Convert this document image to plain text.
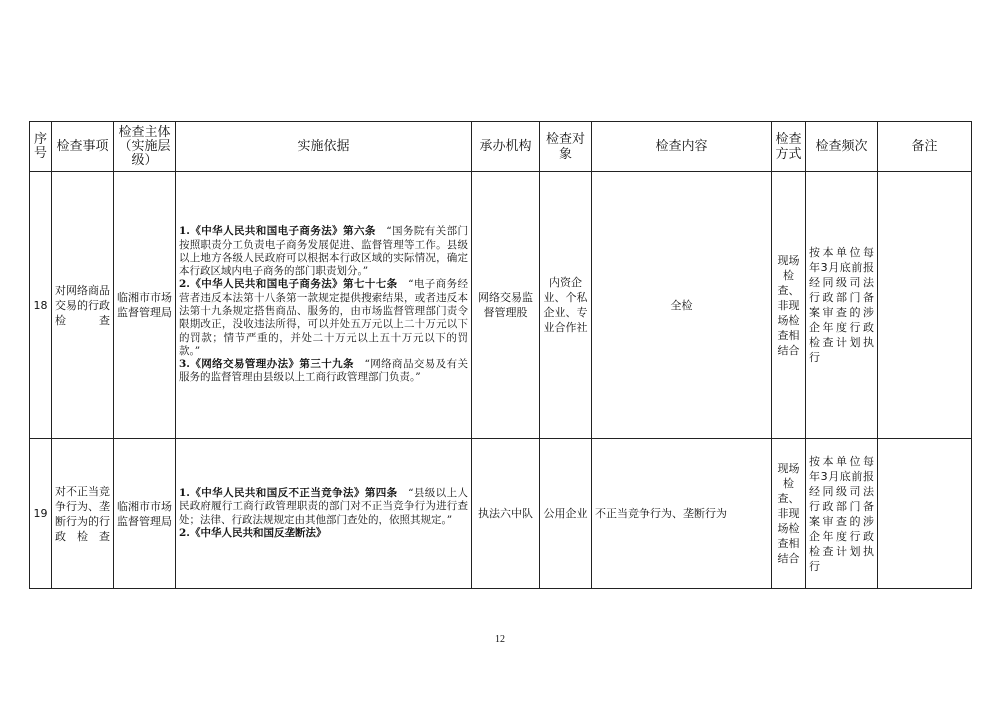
序号	检查事项	检查主体（实施层级）	实施依据	承办机构	检查对象	检查内容	检查方式	检查频次	备注
18	对网络商品交易的行政检查	临湘市市场监督管理局	1.《中华人民共和国电子商务法》第六条  “国务院有关部门按照职责分工负责电子商务发展促进、监督管理等工作。县级以上地方各级人民政府可以根据本行政区域的实际情况，确定本行政区域内电子商务的部门职责划分。”
2.《中华人民共和国电子商务法》第七十七条  “电子商务经营者违反本法第十八条第一款规定提供搜索结果，或者违反本法第十九条规定搭售商品、服务的，由市场监督管理部门责令限期改正，没收违法所得，可以并处五万元以上二十万元以下的罚款；情节严重的，并处二十万元以上五十万元以下的罚款。”
3.《网络交易管理办法》第三十九条  “网络商品交易及有关服务的监督管理由县级以上工商行政管理部门负责。”	网络交易监督管理股	内资企业、个私企业、专业合作社	全检	现场检查、非现场检查相结合	按本单位每年3月底前报经同级司法行政部门备案审查的涉企年度行政检查计划执行	
19	对不正当竞争行为、垄断行为的行政检查	临湘市市场监督管理局	1.《中华人民共和国反不正当竞争法》第四条  “县级以上人民政府履行工商行政管理职责的部门对不正当竞争行为进行查处；法律、行政法规规定由其他部门查处的，依照其规定。”
2.《中华人民共和国反垄断法》	执法六中队	公用企业	不正当竞争行为、垄断行为	现场检查、非现场检查相结合	按本单位每年3月底前报经同级司法行政部门备案审查的涉企年度行政检查计划执行	
12
